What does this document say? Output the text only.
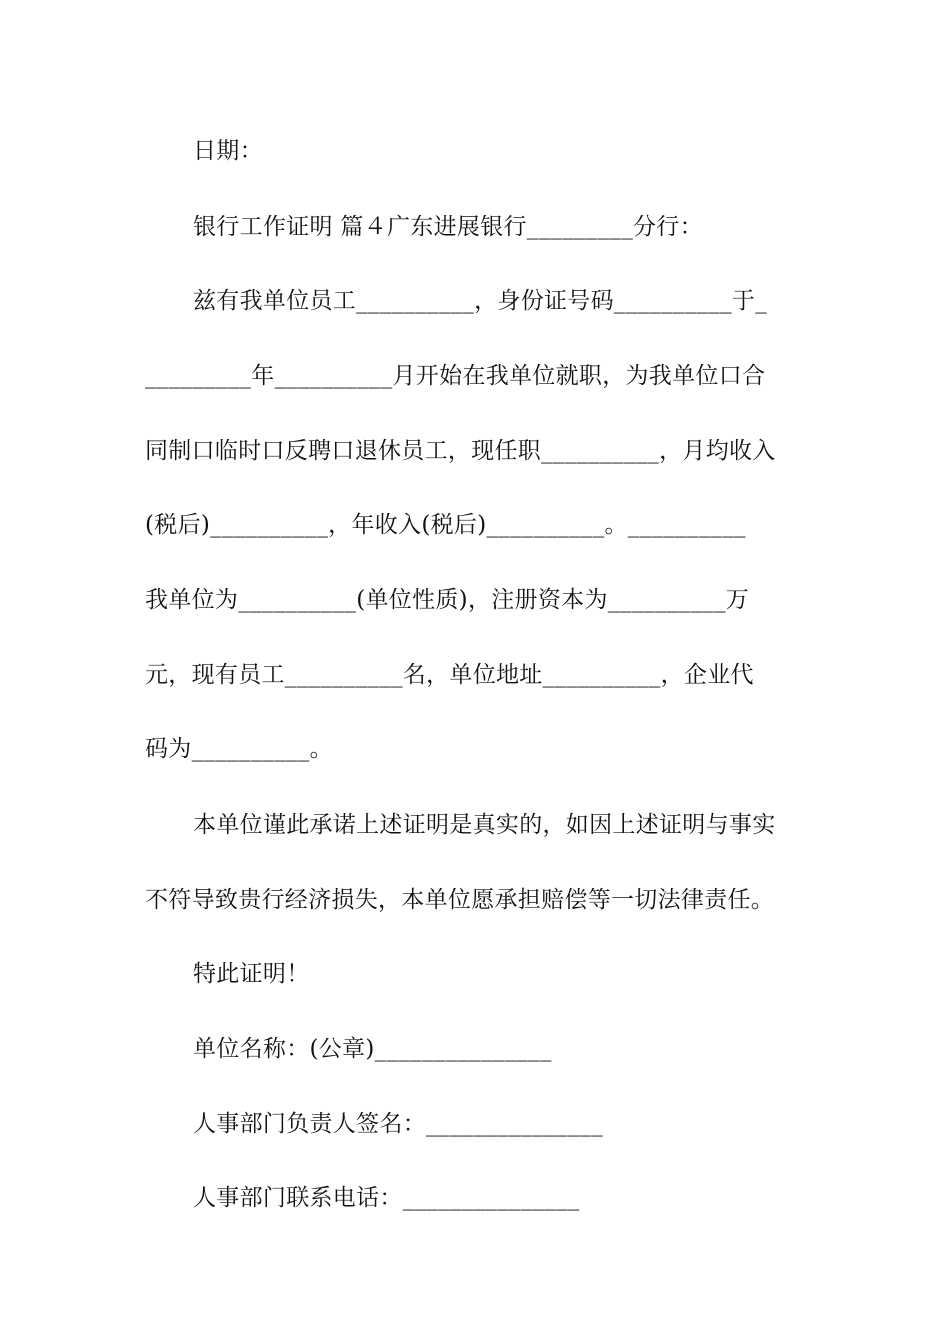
日期：
银行工作证明 篇４广东进展银行_________分行：
兹有我单位员工__________，身份证号码__________于_
_________年__________月开始在我单位就职，为我单位口合
同制口临时口反聘口退休员工，现任职__________，月均收入
(税后)__________，年收入(税后)__________。__________
我单位为__________(单位性质)，注册资本为__________万
元，现有员工__________名，单位地址__________，企业代
码为__________。
本单位谨此承诺上述证明是真实的，如因上述证明与事实
不符导致贵行经济损失，本单位愿承担赔偿等一切法律责任。
特此证明！
单位名称：(公章)_______________
人事部门负责人签名：_______________
人事部门联系电话：_______________
